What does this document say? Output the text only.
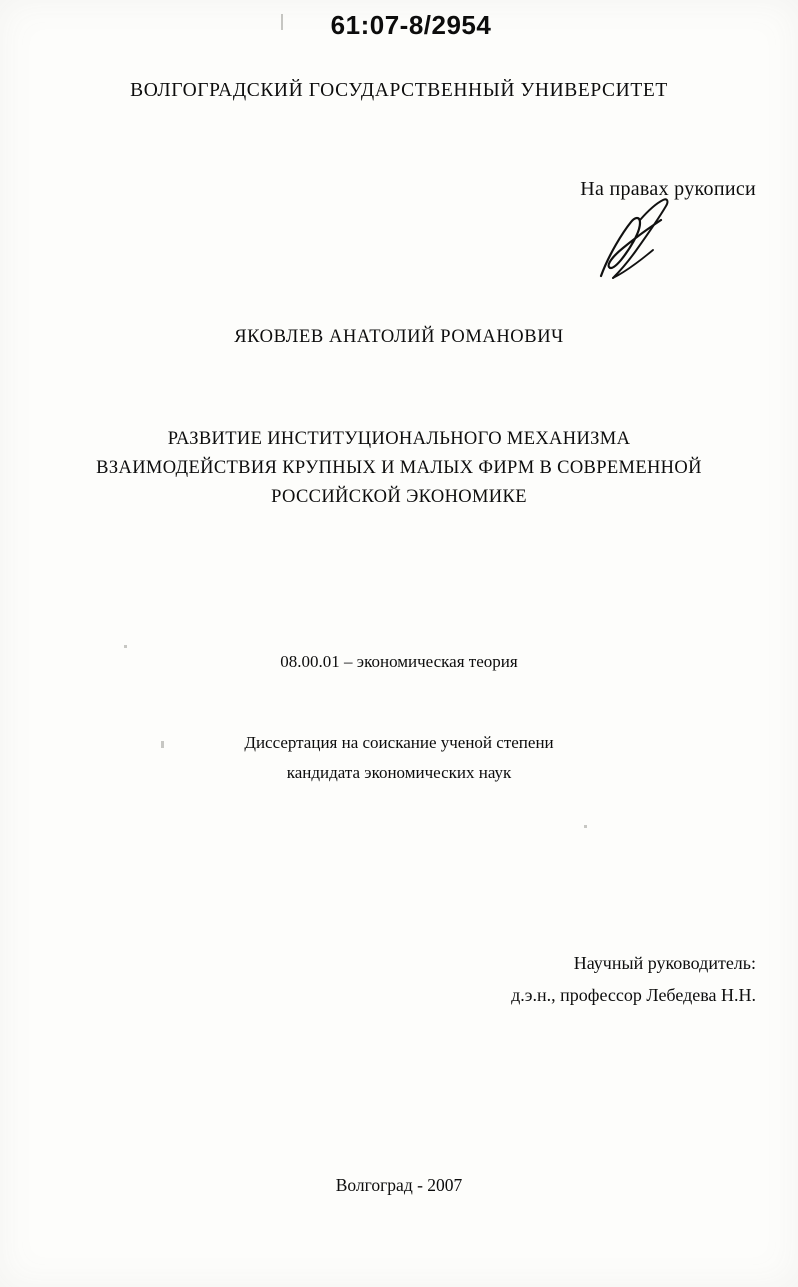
61:07-8/2954
ВОЛГОГРАДСКИЙ ГОСУДАРСТВЕННЫЙ УНИВЕРСИТЕТ
На правах рукописи
ЯКОВЛЕВ АНАТОЛИЙ РОМАНОВИЧ
РАЗВИТИЕ ИНСТИТУЦИОНАЛЬНОГО МЕХАНИЗМА
ВЗАИМОДЕЙСТВИЯ КРУПНЫХ И МАЛЫХ ФИРМ В СОВРЕМЕННОЙ
РОССИЙСКОЙ ЭКОНОМИКЕ
08.00.01 – экономическая теория
Диссертация на соискание ученой степени
кандидата экономических наук
Научный руководитель:
д.э.н., профессор Лебедева Н.Н.
Волгоград - 2007
